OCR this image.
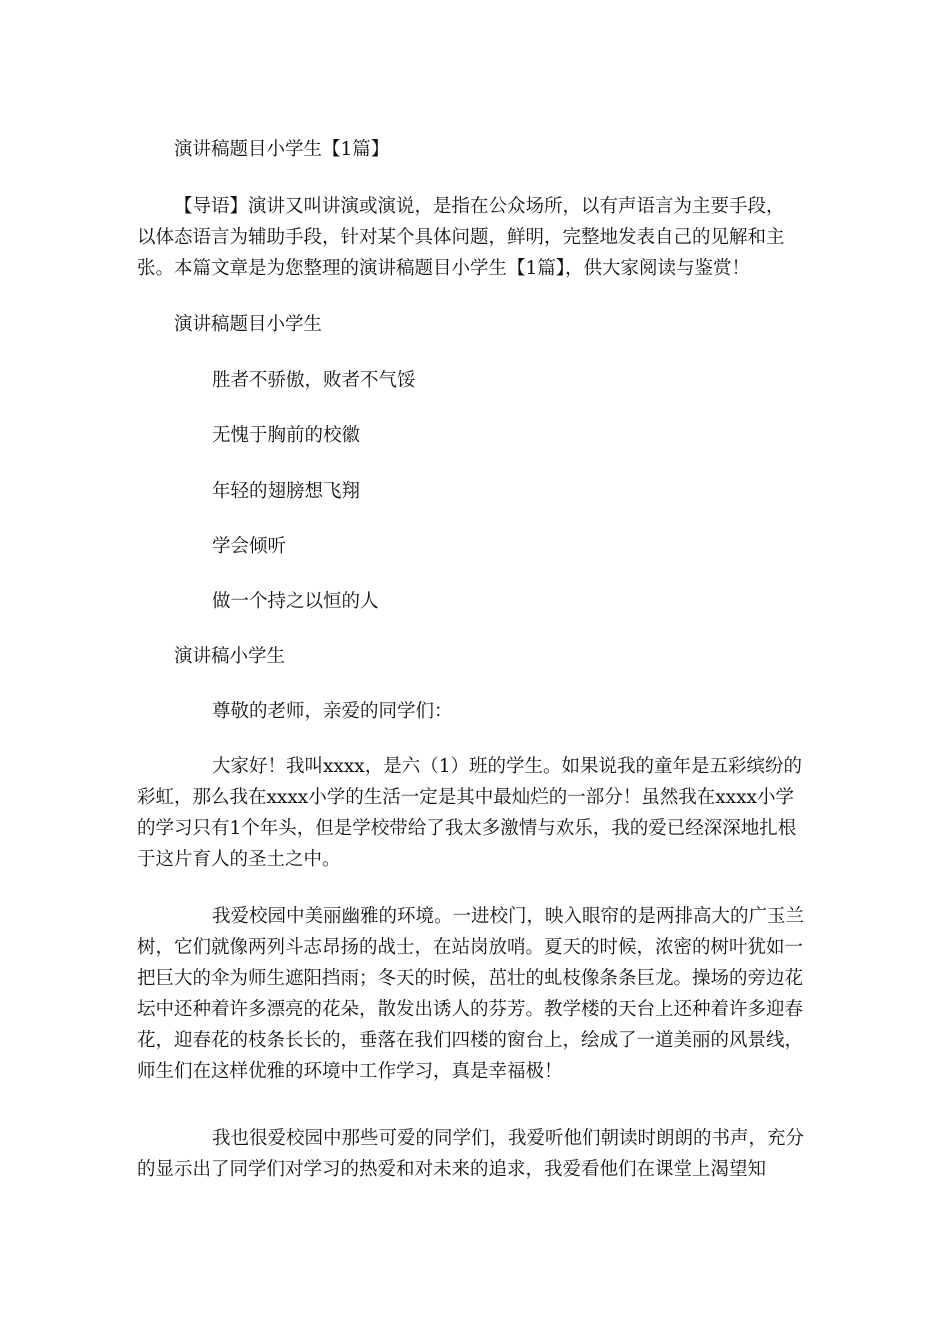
演讲稿题目小学生【1篇】

【导语】演讲又叫讲演或演说，是指在公众场所，以有声语言为主要手段，

以体态语言为辅助手段，针对某个具体问题，鲜明，完整地发表自己的见解和主张。本篇文章是为您整理的演讲稿题目小学生【1篇】，供大家阅读与鉴赏！

演讲稿题目小学生

胜者不骄傲，败者不气馁

无愧于胸前的校徽

年轻的翅膀想飞翔

学会倾听

做一个持之以恒的人

演讲稿小学生

尊敬的老师，亲爱的同学们：

大家好！我叫xxxx，是六（1）班的学生。如果说我的童年是五彩缤纷的彩虹，那么我在xxxx小学的生活一定是其中最灿烂的一部分！虽然我在xxxx小学的学习只有1个年头，但是学校带给了我太多激情与欢乐，我的爱已经深深地扎根于这片育人的圣土之中。

我爱校园中美丽幽雅的环境。一进校门，映入眼帘的是两排高大的广玉兰树，它们就像两列斗志昂扬的战士，在站岗放哨。夏天的时候，浓密的树叶犹如一把巨大的伞为师生遮阳挡雨；冬天的时候，茁壮的虬枝像条条巨龙。操场的旁边花坛中还种着许多漂亮的花朵，散发出诱人的芬芳。教学楼的天台上还种着许多迎春花，迎春花的枝条长长的，垂落在我们四楼的窗台上，绘成了一道美丽的风景线，师生们在这样优雅的环境中工作学习，真是幸福极！

我也很爱校园中那些可爱的同学们，我爱听他们朝读时朗朗的书声，充分的显示出了同学们对学习的热爱和对未来的追求，我爱看他们在课堂上渴望知
